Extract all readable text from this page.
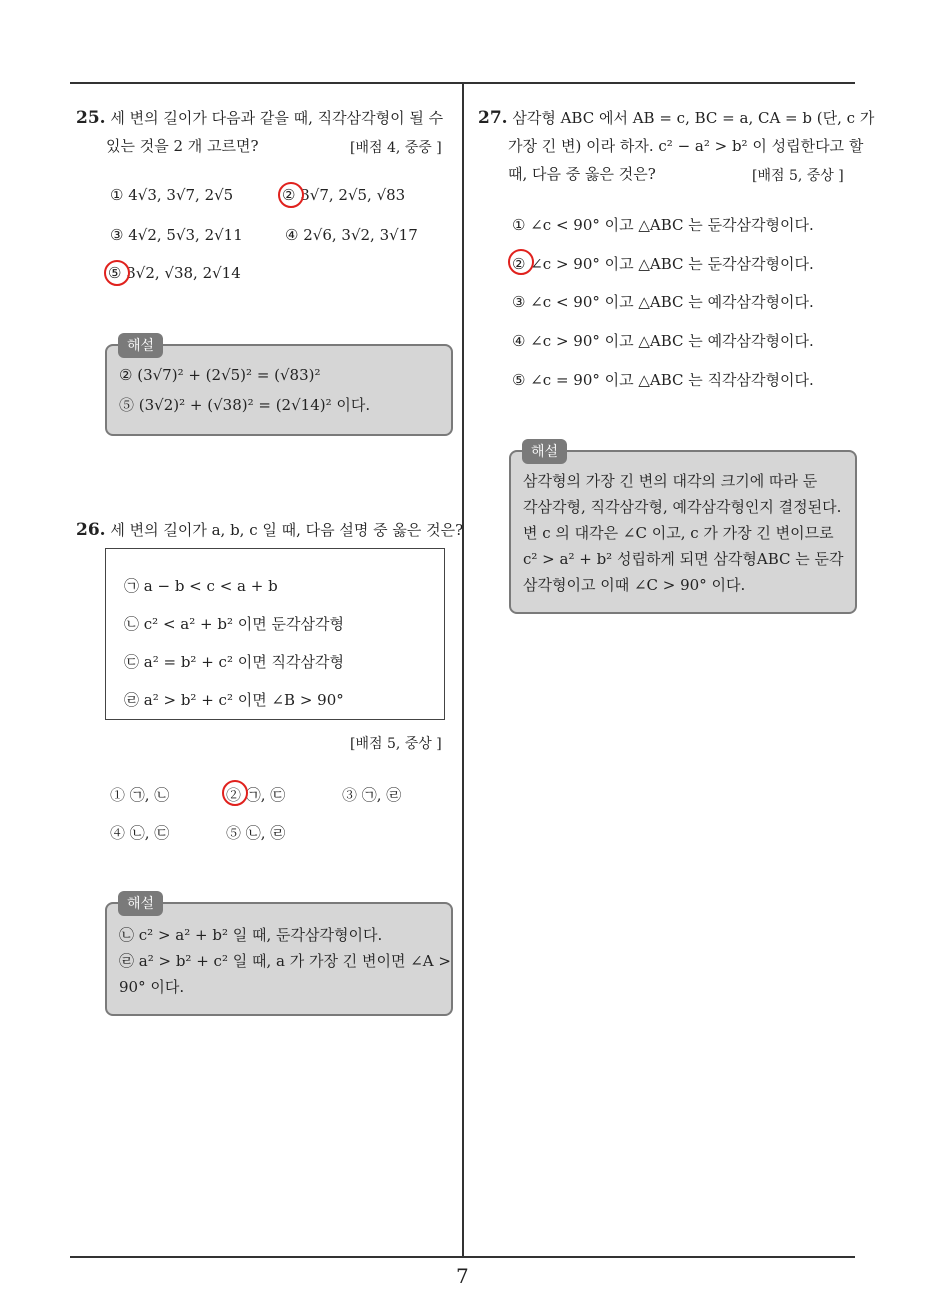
7
25. 세 변의 길이가 다음과 같을 때, 직각삼각형이 될 수
있는 것을 2 개 고르면?	[배점 4, 중중 ]
① 4√3, 3√7, 2√5	② 3√7, 2√5, √83
③ 4√2, 5√3, 2√11	④ 2√6, 3√2, 3√17
⑤ 3√2, √38, 2√14
② (3√7)² + (2√5)² = (√83)²
⑤ (3√2)² + (√38)² = (2√14)² 이다.
해설
26. 세 변의 길이가 a, b, c 일 때, 다음 설명 중 옳은 것은?
㉠ a − b < c < a + b
㉡ c² < a² + b² 이면 둔각삼각형
㉢ a² = b² + c² 이면 직각삼각형
㉣ a² > b² + c² 이면 ∠B > 90°
[배점 5, 중상 ]
① ㉠, ㉡	② ㉠, ㉢	③ ㉠, ㉣
④ ㉡, ㉢	⑤ ㉡, ㉣
㉡ c² > a² + b² 일 때, 둔각삼각형이다.
㉣ a² > b² + c² 일 때, a 가 가장 긴 변이면 ∠A >
90° 이다.
해설
27. 삼각형 ABC 에서 AB = c, BC = a, CA = b (단, c 가
가장 긴 변) 이라 하자. c² − a² > b² 이 성립한다고 할
때, 다음 중 옳은 것은?	[배점 5, 중상 ]
① ∠c < 90° 이고 △ABC 는 둔각삼각형이다.
② ∠c > 90° 이고 △ABC 는 둔각삼각형이다.
③ ∠c < 90° 이고 △ABC 는 예각삼각형이다.
④ ∠c > 90° 이고 △ABC 는 예각삼각형이다.
⑤ ∠c = 90° 이고 △ABC 는 직각삼각형이다.
삼각형의 가장 긴 변의 대각의 크기에 따라 둔
각삼각형, 직각삼각형, 예각삼각형인지 결정된다.
변 c 의 대각은 ∠C 이고, c 가 가장 긴 변이므로
c² > a² + b² 성립하게 되면 삼각형ABC 는 둔각
삼각형이고 이때 ∠C > 90° 이다.
해설
